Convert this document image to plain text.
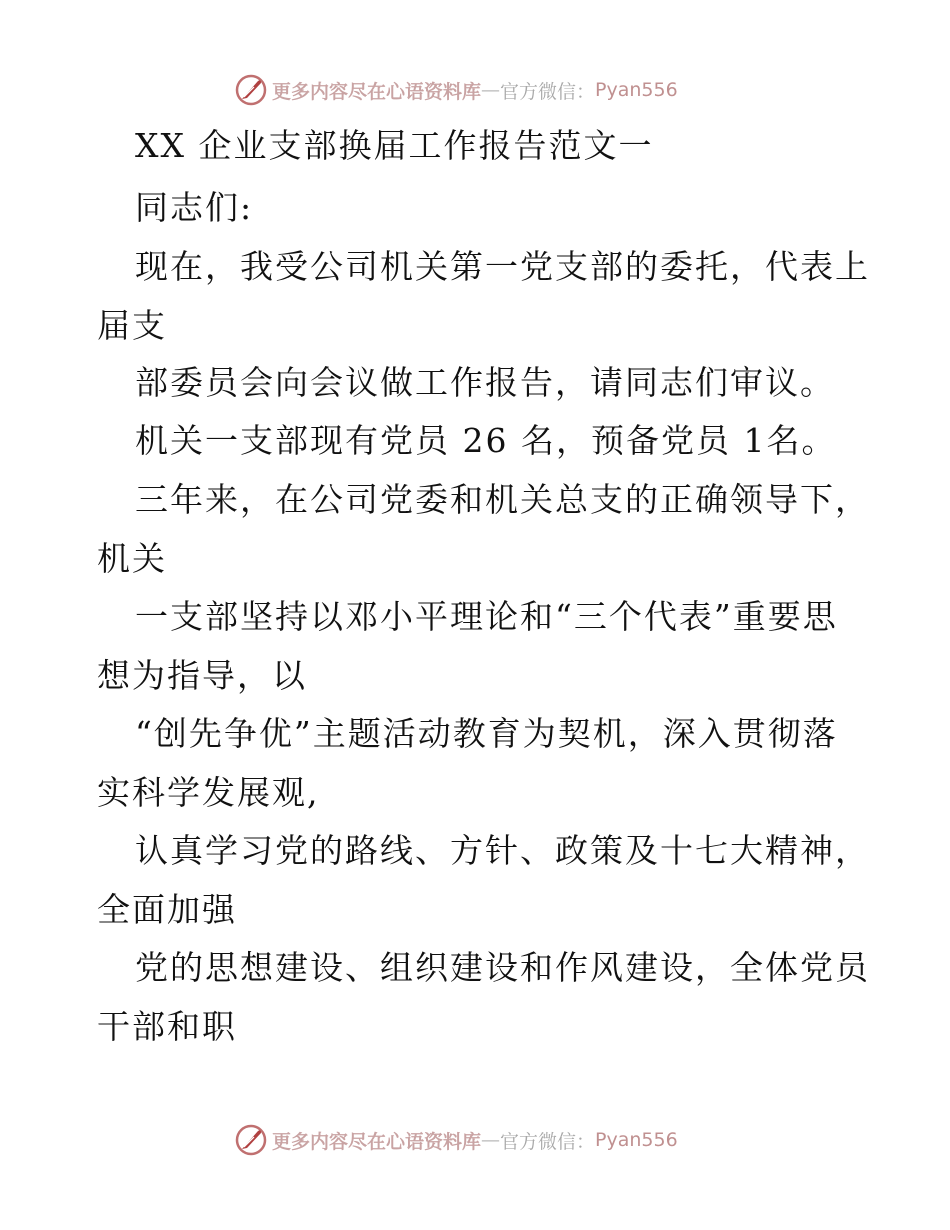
更多内容尽在心语资料库 — 官方微信： Pyan556
XX 企业支部换届工作报告范文一
同志们:
现在，我受公司机关第一党支部的委托，代表上
届支
部委员会向会议做工作报告，请同志们审议。
机关一支部现有党员 26 名，预备党员 1名。
三年来，在公司党委和机关总支的正确领导下，
机关
一支部坚持以邓小平理论和“三个代表”重要思
想为指导，以
“创先争优”主题活动教育为契机，深入贯彻落
实科学发展观,
认真学习党的路线、方针、政策及十七大精神，
全面加强
党的思想建设、组织建设和作风建设，全体党员
干部和职
更多内容尽在心语资料库 — 官方微信： Pyan556
